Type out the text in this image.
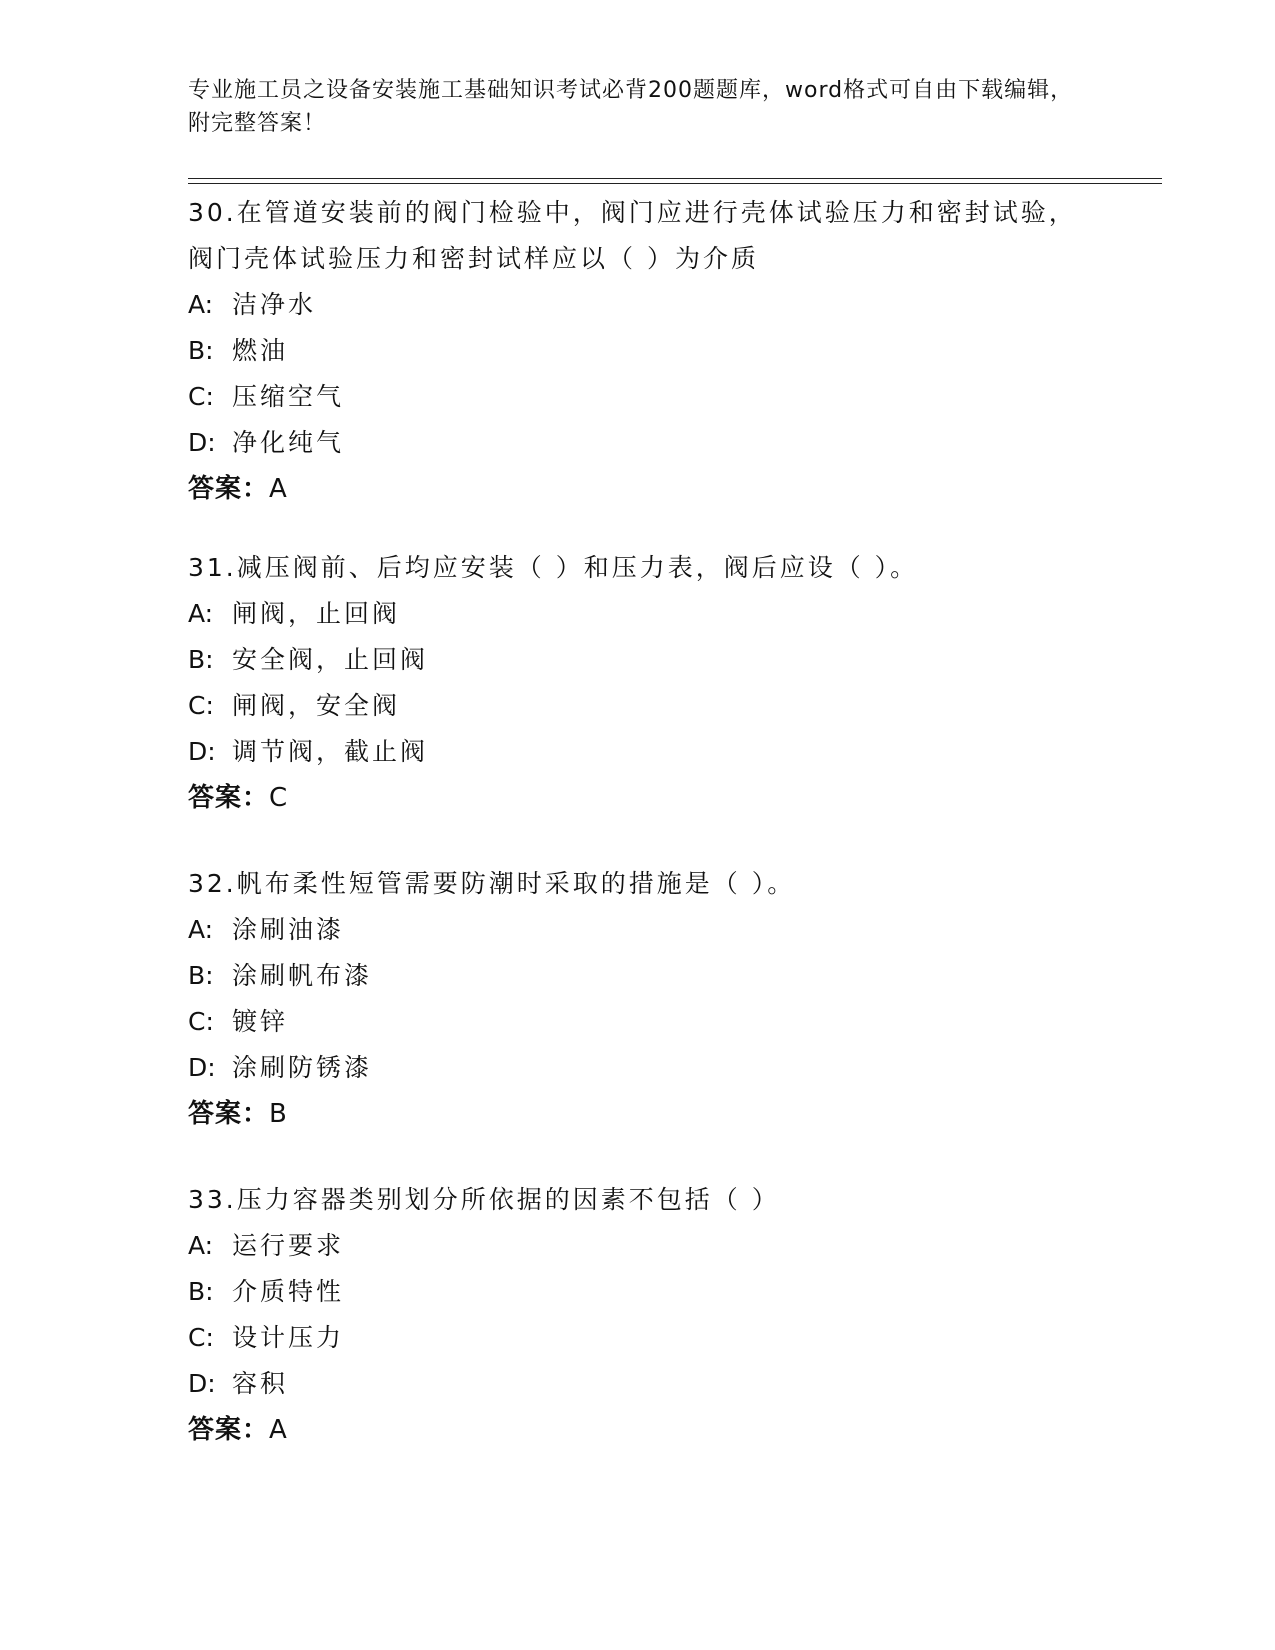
专业施工员之设备安装施工基础知识考试必背200题题库，word格式可自由下载编辑，附完整答案！
30.在管道安装前的阀门检验中，阀门应进行壳体试验压力和密封试验，阀门壳体试验压力和密封试样应以（ ）为介质
A: 洁净水
B: 燃油
C: 压缩空气
D: 净化纯气
答案：A
31.减压阀前、后均应安装（ ）和压力表，阀后应设（ ）。
A: 闸阀，止回阀
B: 安全阀，止回阀
C: 闸阀，安全阀
D: 调节阀，截止阀
答案：C
32.帆布柔性短管需要防潮时采取的措施是（ ）。
A: 涂刷油漆
B: 涂刷帆布漆
C: 镀锌
D: 涂刷防锈漆
答案：B
33.压力容器类别划分所依据的因素不包括（ ）
A: 运行要求
B: 介质特性
C: 设计压力
D: 容积
答案：A
